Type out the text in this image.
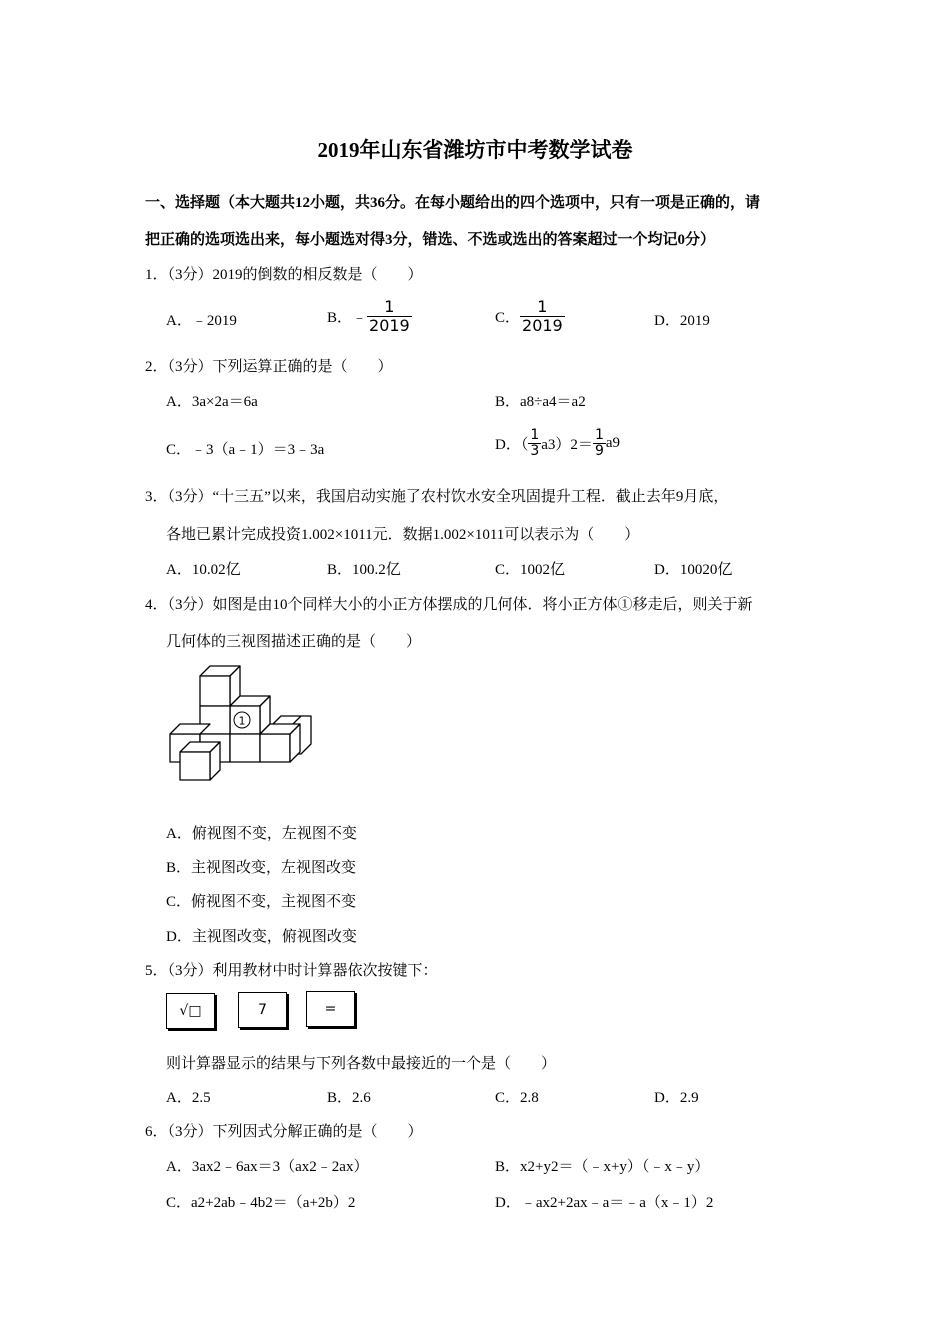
2019年山东省潍坊市中考数学试卷
一、选择题（本大题共12小题，共36分。在每小题给出的四个选项中，只有一项是正确的，请
把正确的选项选出来，每小题选对得3分，错选、不选或选出的答案超过一个均记0分）
1．（3分）2019的倒数的相反数是（　　）
A．﹣2019	B．﹣ $\frac{1}{2019}$	C． $\frac{1}{2019}$	D．2019
2．（3分）下列运算正确的是（　　）
A．3a×2a＝6a	B．a8÷a4＝a2
C．﹣3（a﹣1）＝3﹣3a	D．（ $\frac{1}{3} a3)2= \frac{1}{9} a9$
3．（3分）“十三五”以来，我国启动实施了农村饮水安全巩固提升工程．截止去年9月底，
各地已累计完成投资1.002×1011元．数据1.002×1011可以表示为（　　）
A．10.02亿	B．100.2亿	C．1002亿	D．10020亿
4．（3分）如图是由10个同样大小的小正方体摆成的几何体．将小正方体①移走后，则关于新
几何体的三视图描述正确的是（　　）
1
A．俯视图不变，左视图不变
B．主视图改变，左视图改变
C．俯视图不变，主视图不变
D．主视图改变，俯视图改变
5．（3分）利用教材中时计算器依次按键下：
√□	7	=
则计算器显示的结果与下列各数中最接近的一个是（　　）
A．2.5	B．2.6	C．2.8	D．2.9
6．（3分）下列因式分解正确的是（　　）
A．3ax2﹣6ax＝3（ax2﹣2ax）	B．x2+y2＝（﹣x+y）（﹣x﹣y）
C．a2+2ab﹣4b2＝（a+2b）2	D．﹣ax2+2ax﹣a＝﹣a（x﹣1）2
